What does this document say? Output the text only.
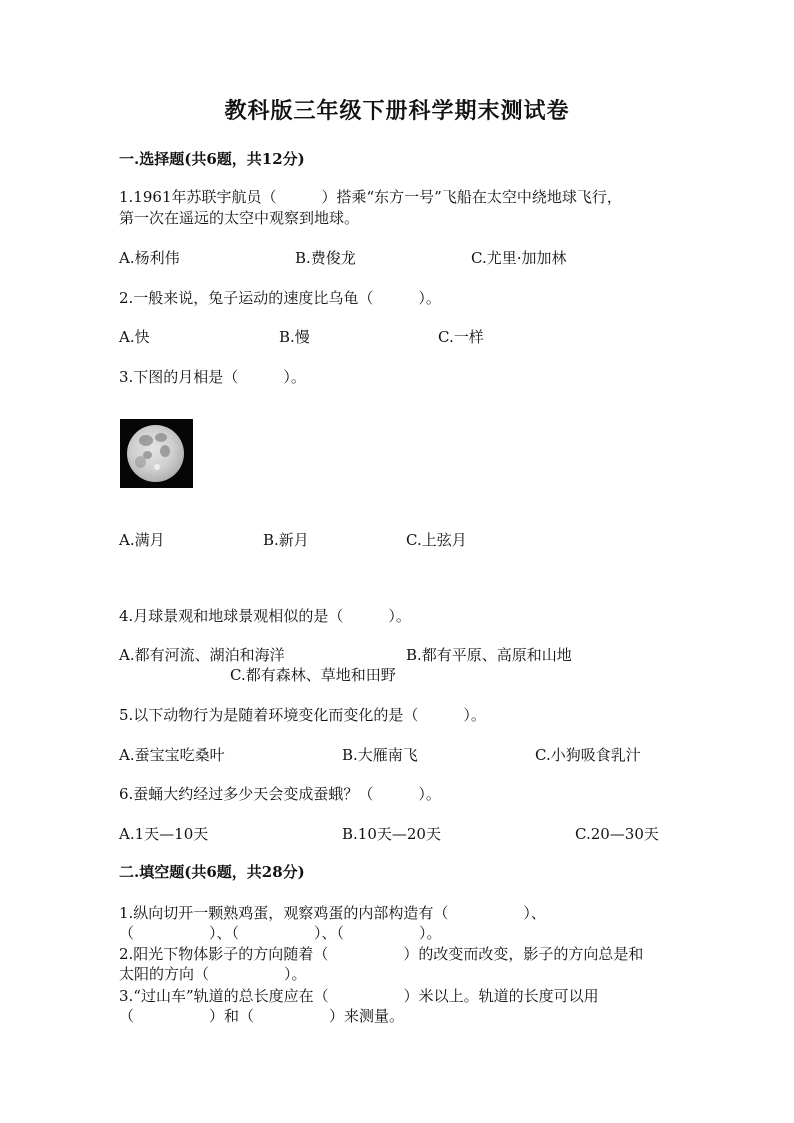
教科版三年级下册科学期末测试卷
一.选择题(共6题，共12分)
1.1961年苏联宇航员（　　　）搭乘“东方一号”飞船在太空中绕地球飞行，
第一次在遥远的太空中观察到地球。
A.杨利伟	B.费俊龙	C.尤里·加加林
2.一般来说，兔子运动的速度比乌龟（　　　）。
A.快	B.慢	C.一样
3.下图的月相是（　　　）。
A.满月	B.新月	C.上弦月
4.月球景观和地球景观相似的是（　　　）。
A.都有河流、湖泊和海洋	B.都有平原、高原和山地
C.都有森林、草地和田野
5.以下动物行为是随着环境变化而变化的是（　　　）。
A.蚕宝宝吃桑叶	B.大雁南飞	C.小狗吸食乳汁
6.蚕蛹大约经过多少天会变成蚕蛾？（　　　）。
A.1天—10天	B.10天—20天	C.20—30天
二.填空题(共6题，共28分)
1.纵向切开一颗熟鸡蛋，观察鸡蛋的内部构造有（　　　　　）、
（　　　　　）、（　　　　　）、（　　　　　）。
2.阳光下物体影子的方向随着（　　　　　）的改变而改变，影子的方向总是和
太阳的方向（　　　　　）。
3.“过山车”轨道的总长度应在（　　　　　）米以上。轨道的长度可以用
（　　　　　）和（　　　　　）来测量。
